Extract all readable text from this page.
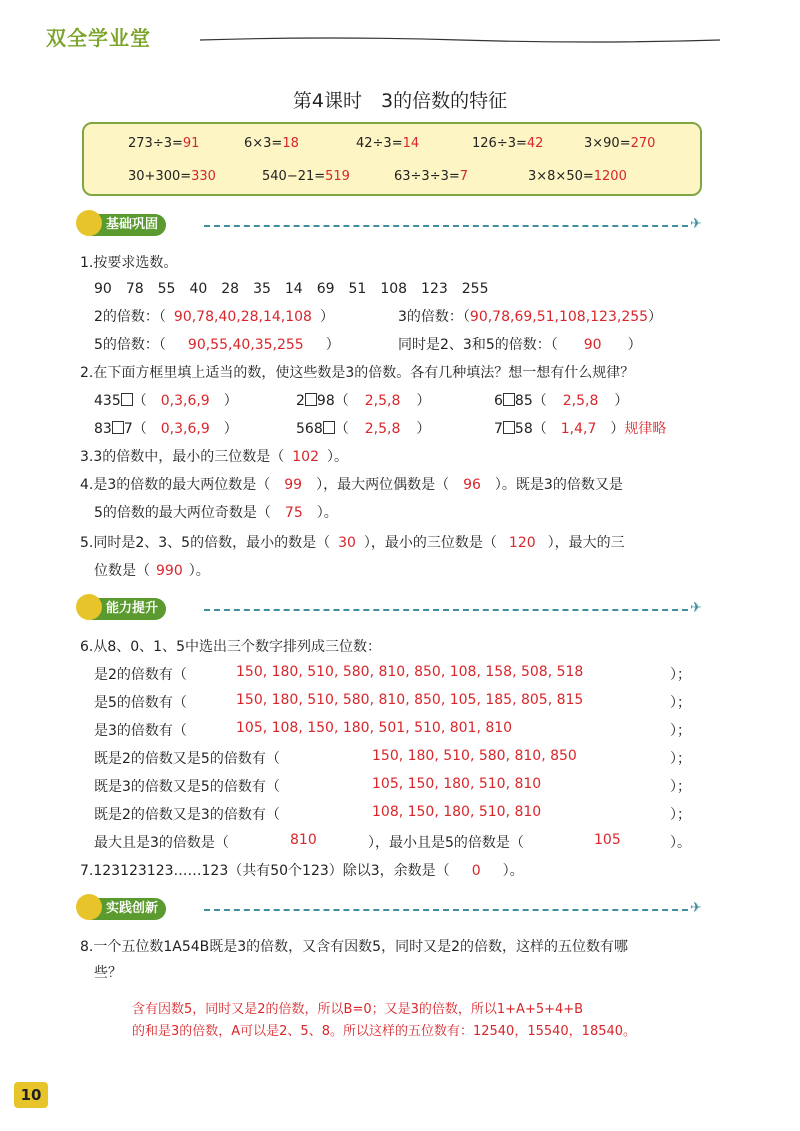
双全学业堂
第4课时　3的倍数的特征
273÷3=91	6×3=18	42÷3=14	126÷3=42	3×90=270
30+300=330	540−21=519	63÷3÷3=7	3×8×50=1200
基础巩固	✈
1.按要求选数。
90　78　55　40　28　35　14　69　51　108　123　255
2的倍数：（ 90,78,40,28,14,108 ）	3的倍数：（90,78,69,51,108,123,255）
5的倍数：（ 90,55,40,35,255 ）	同时是2、3和5的倍数：（ 90 ）
2.在下面方框里填上适当的数，使这些数是3的倍数。各有几种填法？想一想有什么规律？
435 （ 0,3,6,9 ）	2 98（ 2,5,8 ）	6 85（ 2,5,8 ）
83 7（ 0,3,6,9 ）	568 （ 2,5,8 ）	7 58（ 1,4,7 ）规律略
3.3的倍数中，最小的三位数是（ 102 ）。
4.是3的倍数的最大两位数是（ 99 ），最大两位偶数是（ 96 ）。既是3的倍数又是
5的倍数的最大两位奇数是（ 75 ）。
5.同时是2、3、5的倍数，最小的数是（ 30 ），最小的三位数是（ 120 ），最大的三
位数是（ 990 ）。
能力提升	✈
6.从8、0、1、5中选出三个数字排列成三位数：
是2的倍数有（	150, 180, 510, 580, 810, 850, 108, 158, 508, 518	）；
是5的倍数有（	150, 180, 510, 580, 810, 850, 105, 185, 805, 815	）；
是3的倍数有（	105, 108, 150, 180, 501, 510, 801, 810	）；
既是2的倍数又是5的倍数有（	150, 180, 510, 580, 810, 850	）；
既是3的倍数又是5的倍数有（	105, 150, 180, 510, 810	）；
既是2的倍数又是3的倍数有（	108, 150, 180, 510, 810	）；
最大且是3的倍数是（	810	），最小且是5的倍数是（	105	）。
7.123123123……123（共有50个123）除以3，余数是（ 0 ）。
实践创新	✈
8.一个五位数1A54B既是3的倍数，又含有因数5，同时又是2的倍数，这样的五位数有哪
些？
含有因数5，同时又是2的倍数，所以B=0；又是3的倍数，所以1+A+5+4+B
的和是3的倍数，A可以是2、5、8。所以这样的五位数有：12540，15540，18540。
10
